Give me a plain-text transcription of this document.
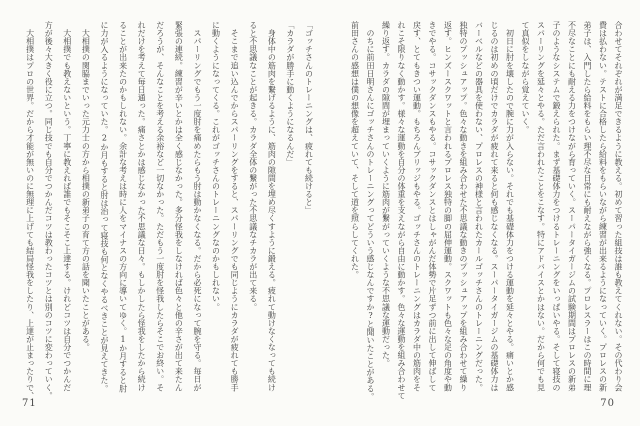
「ゴッチさんのトレーニングは、疲れても続けると」
「カラダが勝手に動くようになるんだ」
　身体中の筋肉を繋げるように、筋肉の隙間を埋め尽くすように鍛える。疲れて動けなくなっても続け
ると不思議なことが起きる。カラダ全体の繋がった不思議なチカラが出て来る。
　そこまで追い込んでからスパーリングをすると、スパーリングでも同じようにカラダが疲れても勝手
に動くようになってくる。これがゴッチさんのトレーニングなのかもしれない。
　スパーリングでもう一度肘を痛めたらもう肘は動かなくなる。だから必死になって腕を守る。毎日が
緊張の連続。練習が辛いとかは全く感じなかった。多分怪我をしなければ色々と他の辛さが出て来たん
だろうが、そんなことを考える余裕など一切なかった。ただもう一度肘を怪我したらそこでお終い。そ
れだけを考えて毎日通った。痛さとかは感じなかった不思議な日々。もしかしたら怪我をしたから続け
ることが出来たのかもしれない。余計な考えは時に人をマイナスの方向に導いてゆく。1か月すると肘
に力が入るようになっていた。2か月もすると肘は治って寝技も何となくやるべきことが見えてきた。
　大相撲の関脇までいった元力士の方から相撲の新弟子の育て方の話を聞いたことがある。
　大相撲でも教えないという。丁寧に教えれば誰でもそこそこ上達する。けれどコツは自分でつかんだ
方が後々大きく役に立つ。同じ技でも自分でつかんだコツは教わったコツとは別のコツに変わっていく。
　大相撲はプロの世界。だから才能が無いのに無理に上げても結局怪我をしたり、上達が止まったりで、	合わせてそれぞれが満足できるように教える。初めて習った組技は誰も教えてくれない。その代わり会
費は払わない。テストに合格したら給料をもらいながら練習が出来るようになっていく。プロレスの新
弟子は、入門したら給料をもらい理不尽な日常にも耐えながら強くなる。プロレスラーはこの時間に理
不尽なことにも耐える力をつけながら育っていく。スーパータイガージムの試験期間はプロレスの新弟
子のようなシステムで鍛えられた。まず基礎体力をつけるトレーニングをいっぱいやる。そして寝技の
スパーリングを延々とやる。ただ言われたことをこなす。特にアドバイスとかはない。だから何でも見
て真似をしながら覚えていく。
　初日に肘を壊したので腕に力が入らない。それでも基礎体力をつける運動を延々とやる。痛いとか感
じるのは初めの頃だけでカラダが疲れて来ると何も感じなくなる。スーパータイガージムの基礎体力は
バーベルなどの器具を使わない、プロレスの神様と言われたカールゴッチさんのトレーニングだった。
独特のプッシュアップ。色々な動きを組み合わせた不思議な動きのプッシュアップを組み合わせて繰り
返す。ヒンズースクワットと言われるプロレス独特の脚の屈伸運動。スクワットも色々な足の角度や動
きでやる。コサックダンスもやる。コサックダンスとはしゃがんだ体勢で片足ずつ前に出して伸ばして
戻す、とてもきつい運動。もちろんブリッジもやる。ゴッチさんのトレーニングはカラダ中の筋肉をそ
れこそ限りなく動かす。様々な運動を自分の体重を支えながら自由に動かす。色々な運動を組み合わせて
繰り返す。カラダの隙間が埋まっていくように筋肉が繋がっていくような不思議な運動だった。
　のちに前田日明さんにゴッチさんのトレーニングってどういう感じなんですか?と聞いたことがある。
前田さんの感想は僕の想像を超えていて、そして道を照らしてくれた。
71	70
